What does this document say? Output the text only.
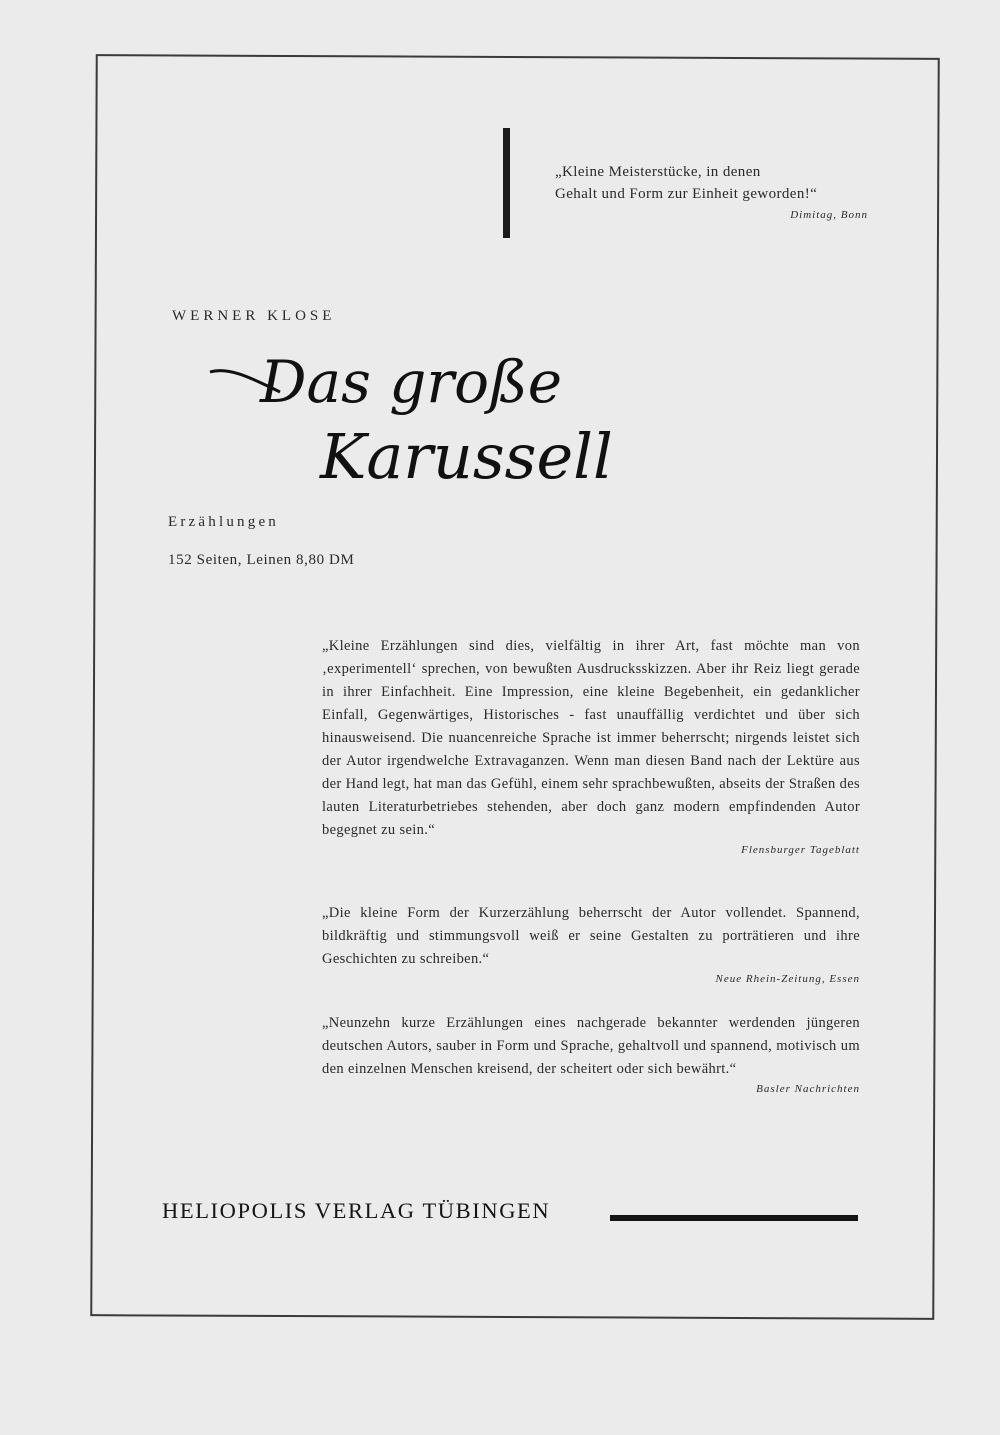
„Kleine Meisterstücke, in denen
Gehalt und Form zur Einheit geworden!“
Dimitag, Bonn
WERNER KLOSE
Das große
Karussell
Erzählungen
152 Seiten, Leinen 8,80 DM
„Kleine Erzählungen sind dies, vielfältig in ihrer Art, fast möchte man von ‚experimentell‘ sprechen, von bewußten Ausdrucksskizzen. Aber ihr Reiz liegt gerade in ihrer Einfachheit. Eine Impression, eine kleine Begebenheit, ein gedanklicher Einfall, Gegenwärtiges, Historisches - fast unauffällig verdichtet und über sich hinausweisend. Die nuancenreiche Sprache ist immer beherrscht; nirgends leistet sich der Autor irgendwelche Extravaganzen. Wenn man diesen Band nach der Lektüre aus der Hand legt, hat man das Gefühl, einem sehr sprachbewußten, abseits der Straßen des lauten Literaturbetriebes stehenden, aber doch ganz modern empfindenden Autor begegnet zu sein.“
Flensburger Tageblatt
„Die kleine Form der Kurzerzählung beherrscht der Autor vollendet. Spannend, bildkräftig und stimmungsvoll weiß er seine Gestalten zu porträtieren und ihre Geschichten zu schreiben.“
Neue Rhein-Zeitung, Essen
„Neunzehn kurze Erzählungen eines nachgerade bekannter werdenden jüngeren deutschen Autors, sauber in Form und Sprache, gehaltvoll und spannend, motivisch um den einzelnen Menschen kreisend, der scheitert oder sich bewährt.“
Basler Nachrichten
HELIOPOLIS VERLAG TÜBINGEN
